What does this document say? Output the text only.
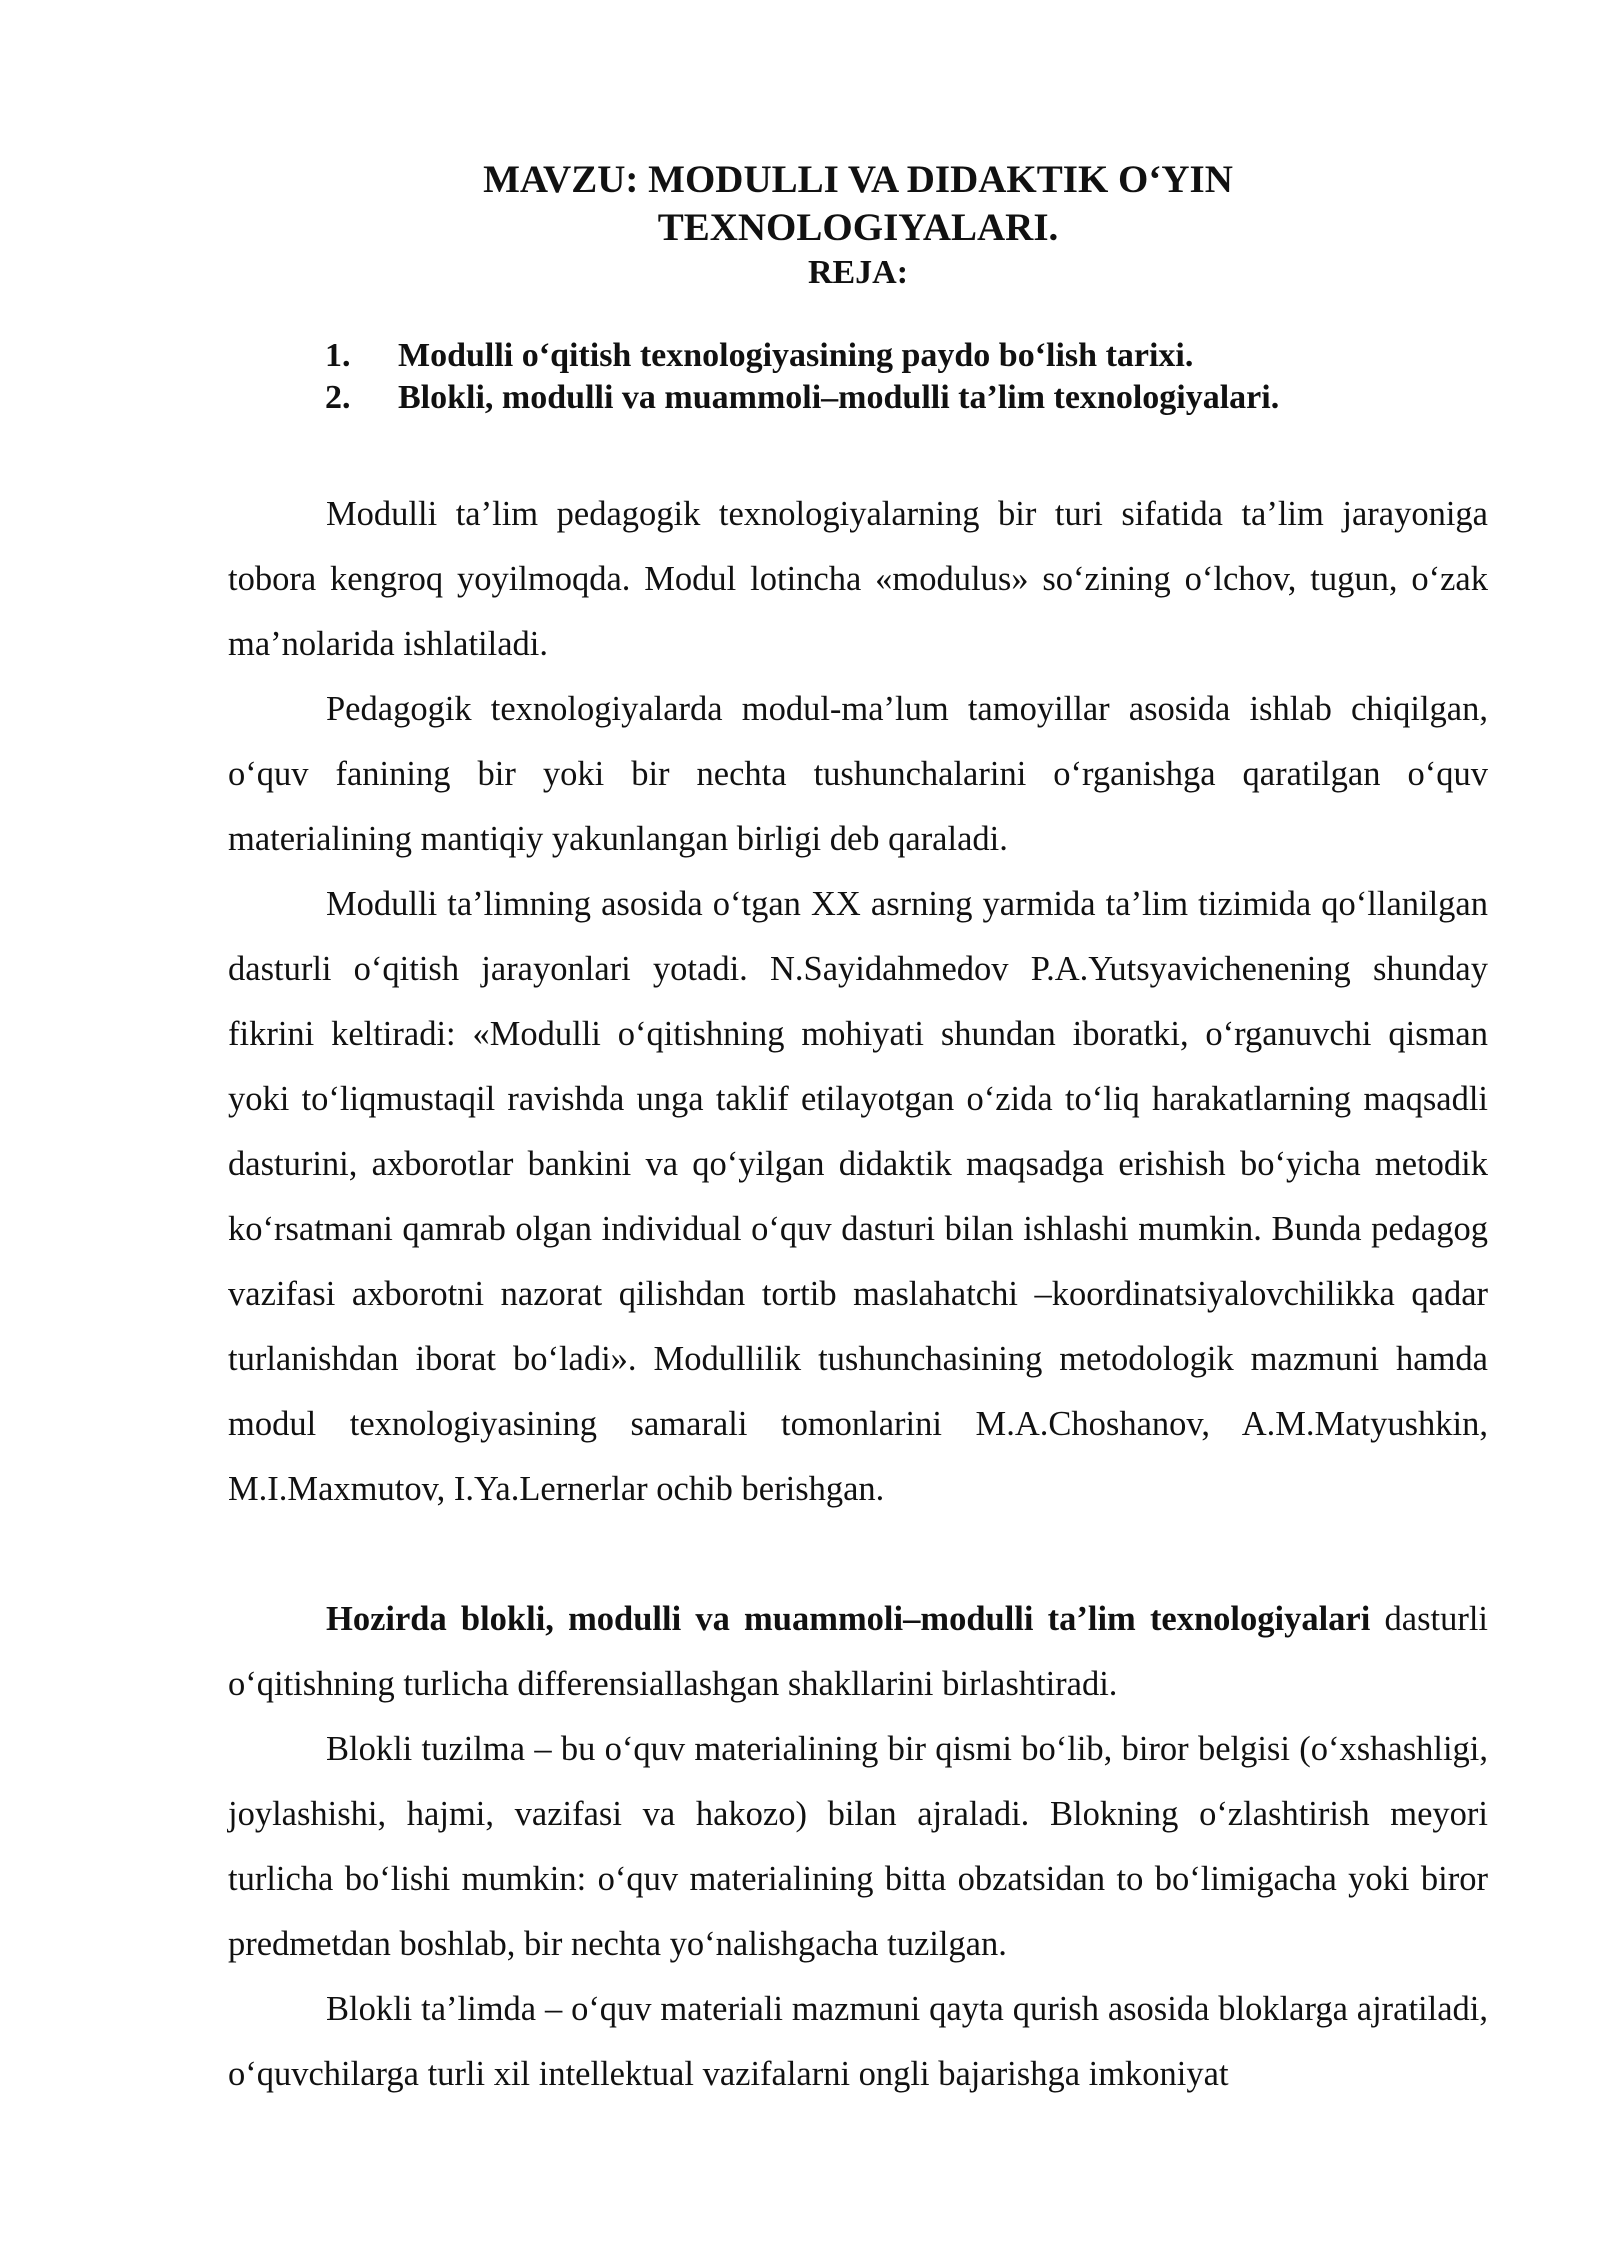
MAVZU: MODULLI VA DIDAKTIK O‘YIN
TEXNOLOGIYALARI.
REJA:
1. Modulli o‘qitish texnologiyasining paydo bo‘lish tarixi.
2. Blokli, modulli va muammoli–modulli ta’lim texnologiyalari.

Modulli ta’lim pedagogik texnologiyalarning bir turi sifatida ta’lim jarayoniga tobora kengroq yoyilmoqda. Modul lotincha «modulus» so‘zining o‘lchov, tugun, o‘zak ma’nolarida ishlatiladi.

Pedagogik texnologiyalarda modul-ma’lum tamoyillar asosida ishlab chiqilgan, o‘quv fanining bir yoki bir nechta tushunchalarini o‘rganishga qaratilgan o‘quv materialining mantiqiy yakunlangan birligi deb qaraladi.

Modulli ta’limning asosida o‘tgan XX asrning yarmida ta’lim tizimida qo‘llanilgan dasturli o‘qitish jarayonlari yotadi. N.Sayidahmedov P.A.Yutsyavichenening shunday fikrini keltiradi: «Modulli o‘qitishning mohiyati shundan iboratki, o‘rganuvchi qisman yoki to‘liqmustaqil ravishda unga taklif etilayotgan o‘zida to‘liq harakatlarning maqsadli dasturini, axborotlar bankini va qo‘yilgan didaktik maqsadga erishish bo‘yicha metodik ko‘rsatmani qamrab olgan individual o‘quv dasturi bilan ishlashi mumkin. Bunda pedagog vazifasi axborotni nazorat qilishdan tortib maslahatchi –koordinatsiyalovchilikka qadar turlanishdan iborat bo‘ladi». Modullilik tushunchasining metodologik mazmuni hamda modul texnologiyasining samarali tomonlarini M.A.Choshanov, A.M.Matyushkin, M.I.Maxmutov, I.Ya.Lernerlar ochib berishgan.

Hozirda blokli, modulli va muammoli–modulli ta’lim texnologiyalari dasturli o‘qitishning turlicha differensiallashgan shakllarini birlashtiradi.

Blokli tuzilma – bu o‘quv materialining bir qismi bo‘lib, biror belgisi (o‘xshashligi, joylashishi, hajmi, vazifasi va hakozo) bilan ajraladi. Blokning o‘zlashtirish meyori turlicha bo‘lishi mumkin: o‘quv materialining bitta obzatsidan to bo‘limigacha yoki biror predmetdan boshlab, bir nechta yo‘nalishgacha tuzilgan.

Blokli ta’limda – o‘quv materiali mazmuni qayta qurish asosida bloklarga ajratiladi, o‘quvchilarga turli xil intellektual vazifalarni ongli bajarishga imkoniyat
